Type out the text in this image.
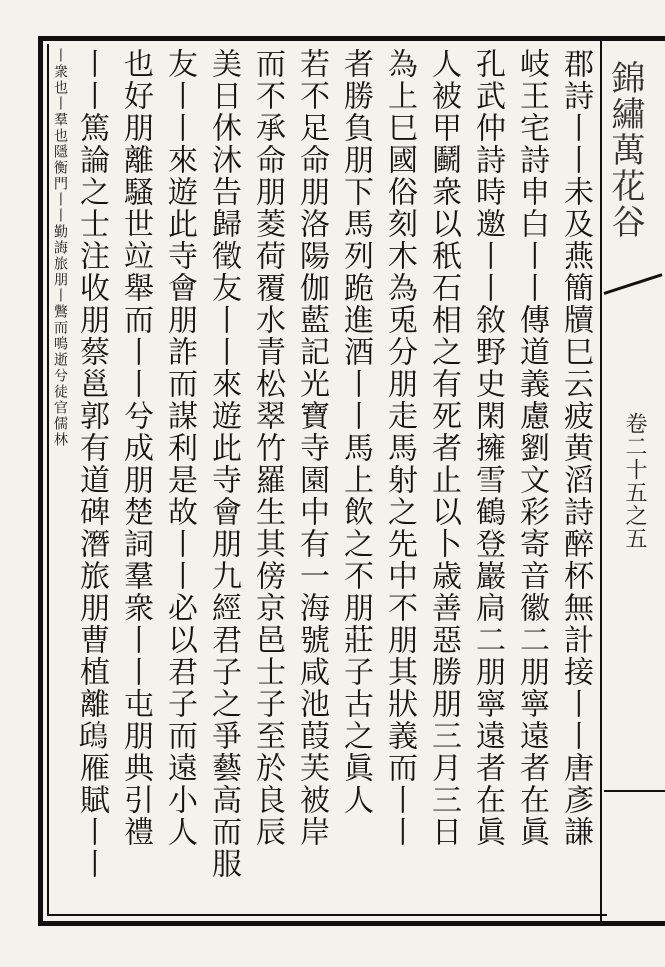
錦繡萬花谷
卷二十五之五
郡詩丨丨未及燕簡牘巳云疲黄滔詩醉杯無計接丨丨唐彥謙
岐王宅詩申白丨丨傳道義慮劉文彩寄音徽二朋寧遠者在眞
孔武仲詩時邀丨丨敘野史閑擁雪鶴登巖扃二朋寧遠者在眞
人被甲鬬衆以秖石相之有死者止以卜歳善惡勝朋三月三日
為上巳國俗刻木為兎分朋走馬射之先中不朋其狀義而丨丨
者勝負朋下馬列跪進酒丨丨馬上飲之不朋莊子古之眞人
若不足命朋洛陽伽藍記光寶寺園中有一海號咸池葭芙被岸
而不承命朋菱荷覆水青松翠竹羅生其傍京邑士子至於良辰
美日休沐告歸徵友丨丨來遊此寺會朋九經君子之爭藝高而服
友丨丨來遊此寺會朋詐而謀利是故丨丨必以君子而遠小人
也好朋離騷世竝舉而丨丨兮成朋楚詞羣衆丨丨屯朋典引禮
丨丨篤論之士注收朋蔡邕郭有道碑潛旅朋曹植離𩿨雁賦丨丨
丨衆也丨羣也隱衡門丨丨勤誨旅朋丨鷩而鳴逝兮徒官儒林
